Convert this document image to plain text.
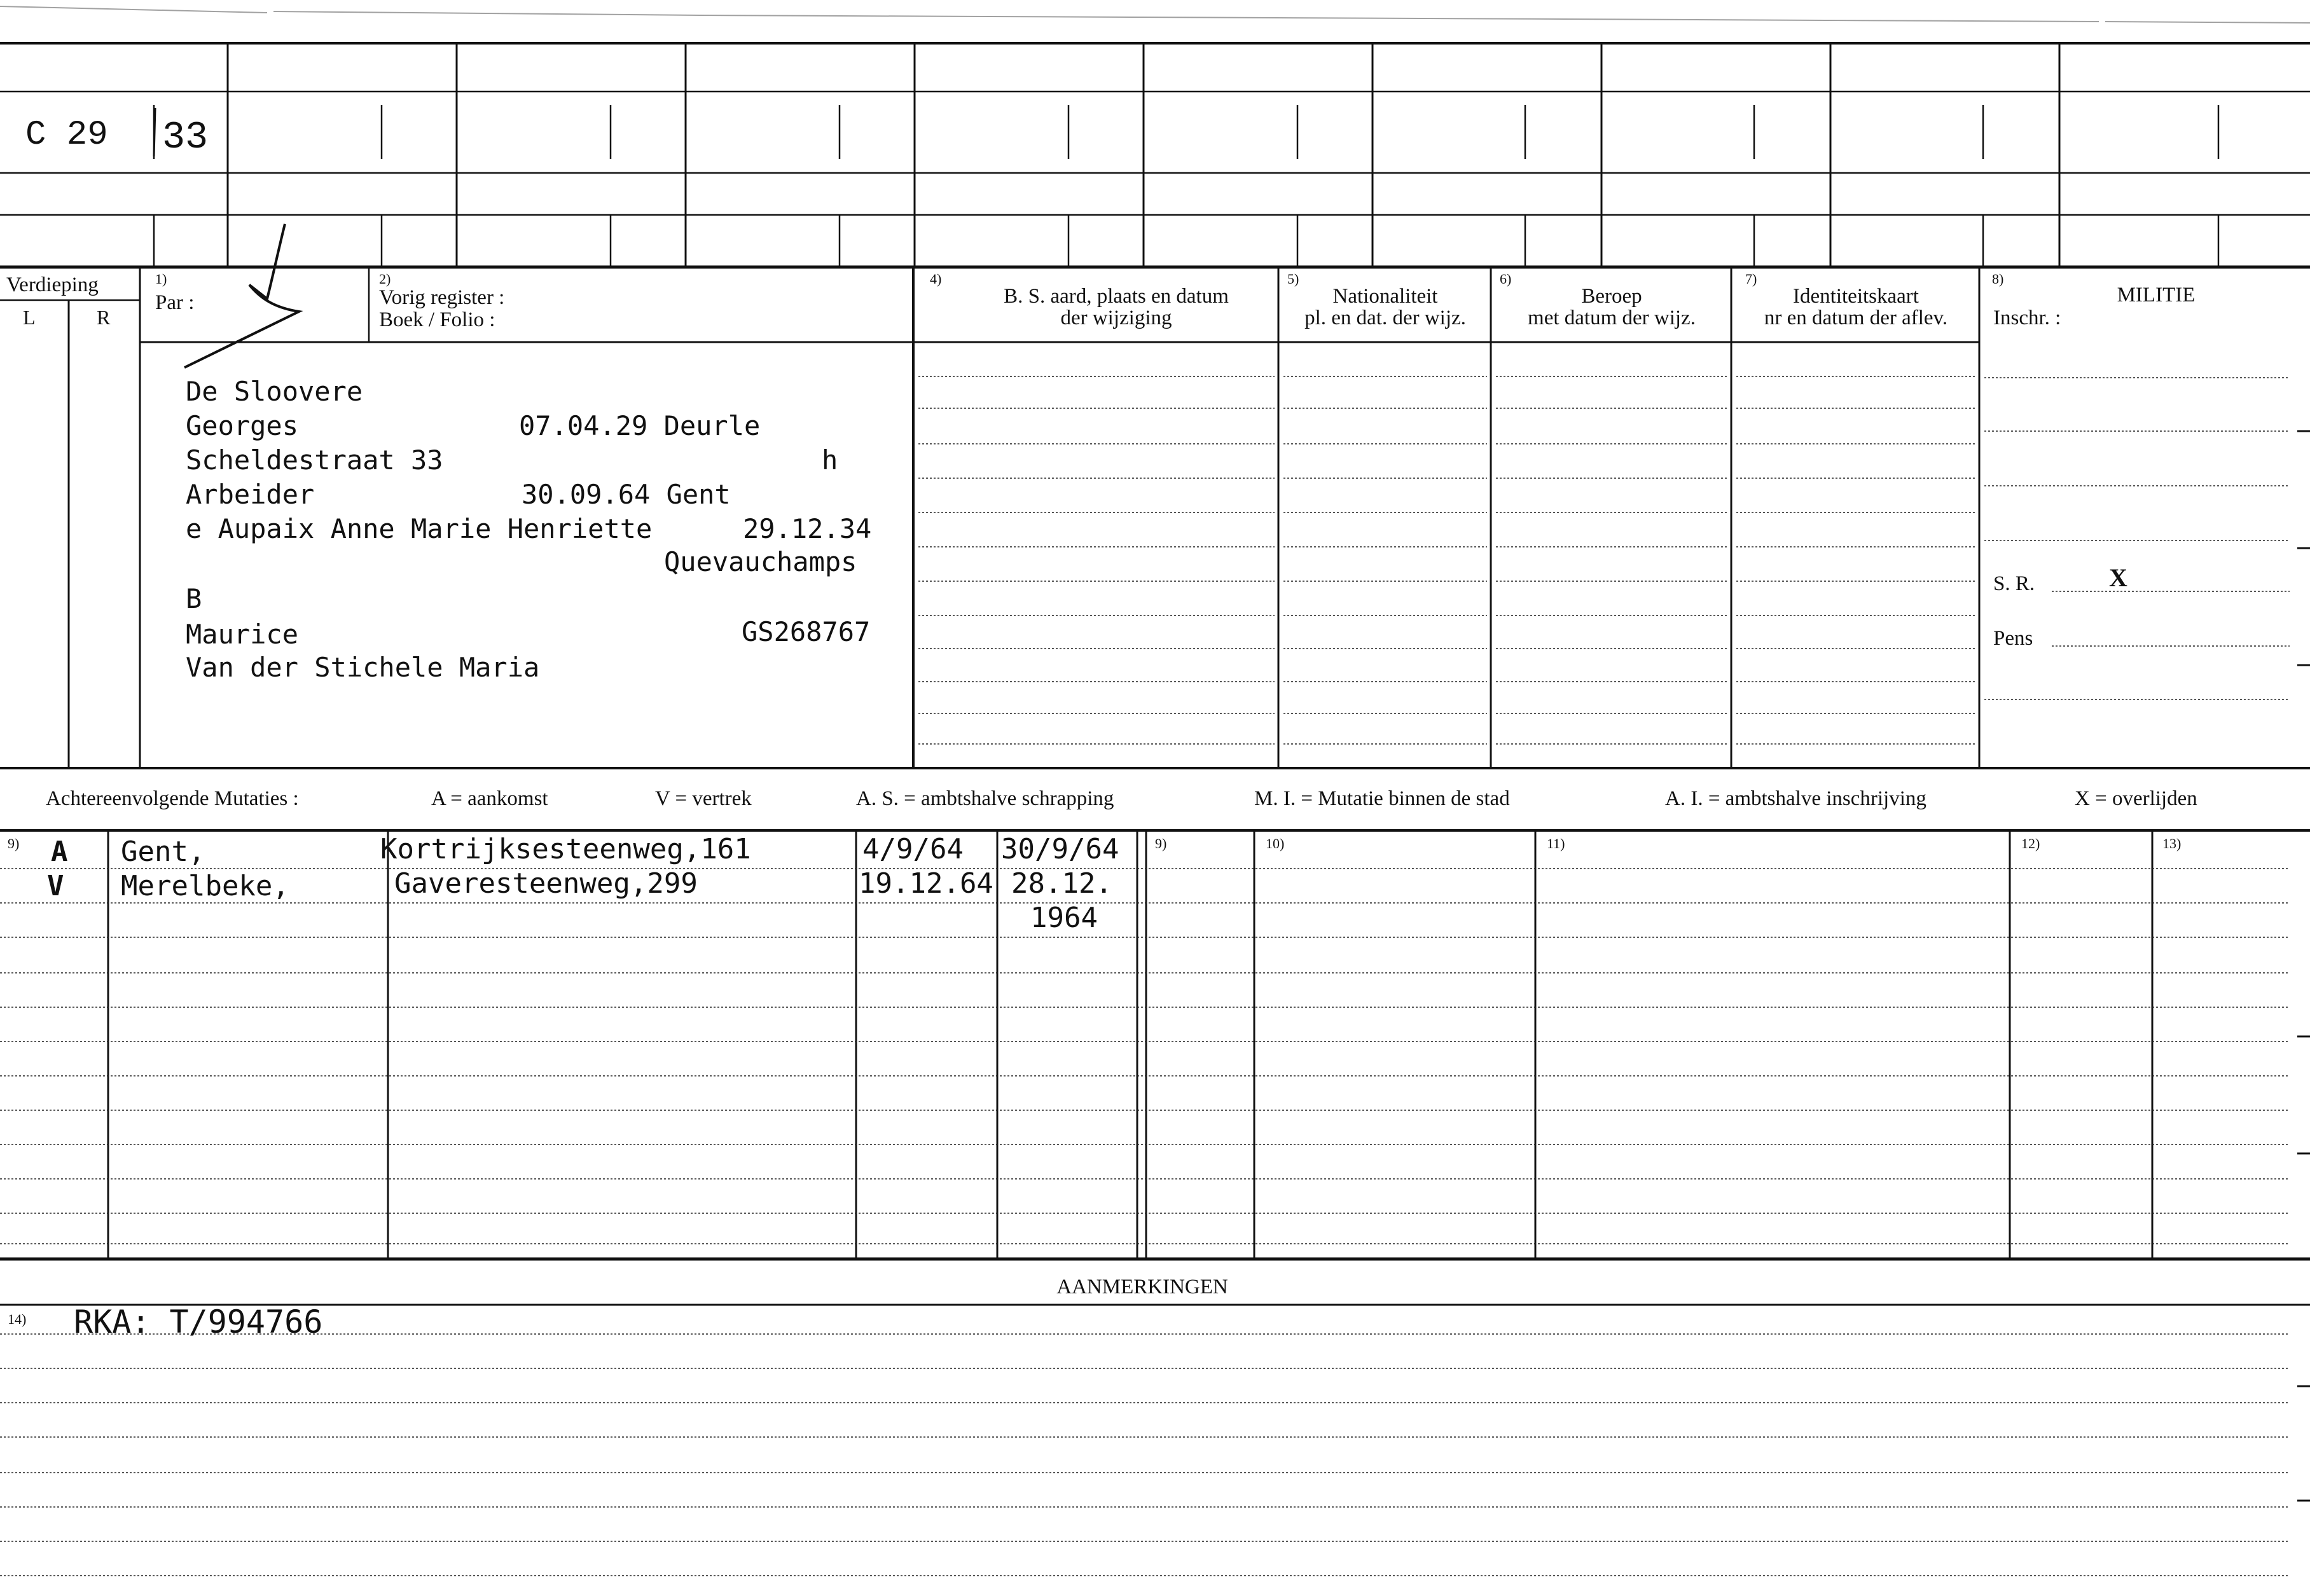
C 29 33
Verdieping
L	R
1)
Par :
2)
Vorig register :
Boek / Folio :
4)
B. S. aard, plaats en datum
der wijziging
5)
Nationaliteit
pl. en dat. der wijz.
6)
Beroep
met datum der wijz.
7)
Identiteitskaart
nr en datum der aflev.
8)
MILITIE
Inschr. :
S. R.	X
Pens
De Sloovere
Georges	07.04.29 Deurle
Scheldestraat 33	h
Arbeider	30.09.64 Gent
e Aupaix Anne Marie Henriette	29.12.34
Quevauchamps
B
Maurice	GS268767
Van der Stichele Maria
Achtereenvolgende Mutaties :	A = aankomst	V = vertrek	A. S. = ambtshalve schrapping	M. I. = Mutatie binnen de stad	A. I. = ambtshalve inschrijving	X = overlijden
9)	9)	10)	11)	12)	13)
A Gent,	Kortrijksesteenweg,161	4/9/64 30/9/64
V Merelbeke,	Gaveresteenweg,299	19.12.64 28.12.
1964
AANMERKINGEN
14) RKA: T/994766
